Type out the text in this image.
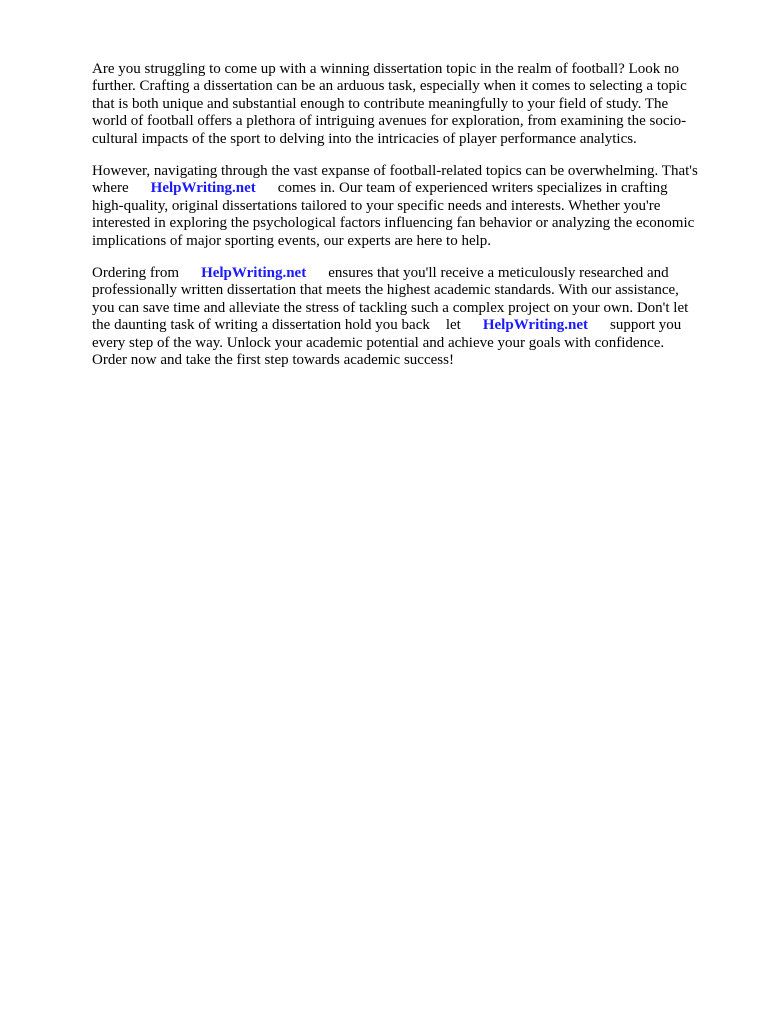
Are you struggling to come up with a winning dissertation topic in the realm of football? Look no
further. Crafting a dissertation can be an arduous task, especially when it comes to selecting a topic
that is both unique and substantial enough to contribute meaningfully to your field of study. The
world of football offers a plethora of intriguing avenues for exploration, from examining the socio-
cultural impacts of the sport to delving into the intricacies of player performance analytics.

However, navigating through the vast expanse of football-related topics can be overwhelming. That's
where HelpWriting.net comes in. Our team of experienced writers specializes in crafting
high-quality, original dissertations tailored to your specific needs and interests. Whether you're
interested in exploring the psychological factors influencing fan behavior or analyzing the economic
implications of major sporting events, our experts are here to help.

Ordering from HelpWriting.net ensures that you'll receive a meticulously researched and
professionally written dissertation that meets the highest academic standards. With our assistance,
you can save time and alleviate the stress of tackling such a complex project on your own. Don't let
the daunting task of writing a dissertation hold you back let HelpWriting.net support you
every step of the way. Unlock your academic potential and achieve your goals with confidence.
Order now and take the first step towards academic success!
